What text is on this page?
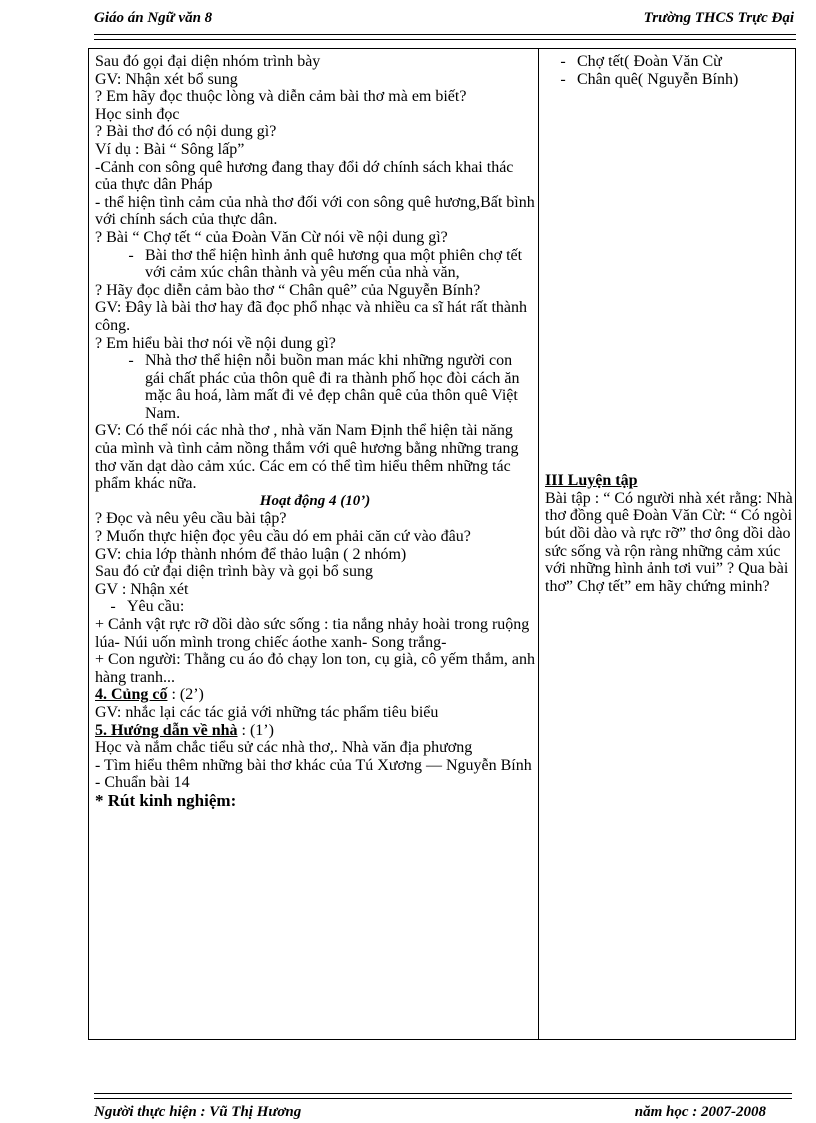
Giáo án Ngữ văn 8	Trường THCS Trực Đại

Sau đó gọi đại diện nhóm trình bày

GV: Nhận xét bổ sung

? Em hãy đọc thuộc lòng và diễn cảm bài thơ mà em biết?

Học sinh đọc

? Bài thơ đó có nội dung gì?

Ví dụ : Bài “ Sông lấp”

-Cảnh con sông quê hương đang thay đổi dớ chính sách khai thác của thực dân Pháp

- thể hiện tình cảm của nhà thơ đối với con sông quê hương,Bất bình với chính sách của thực dân.

? Bài “ Chợ tết “ của Đoàn Văn Cừ nói về nội dung gì?

- Bài thơ thể hiện hình ảnh quê hương qua một phiên chợ tết với cảm xúc chân thành và yêu mến của nhà văn,

? Hãy đọc diễn cảm bào thơ “ Chân quê” của Nguyễn Bính?

GV: Đây là bài thơ hay đã đọc phổ nhạc và nhiều ca sĩ hát rất thành công.

? Em hiểu bài thơ nói về nội dung gì?

- Nhà thơ thể hiện nỗi buồn man mác khi những người con gái chất phác của thôn quê đi ra thành phố học đòi cách ăn mặc âu hoá, làm mất đi vẻ đẹp chân quê của thôn quê Việt Nam.

GV: Có thể nói các nhà thơ , nhà văn Nam Định thể hiện tài năng của mình và tình cảm nồng thắm với quê hương bằng những trang thơ văn dạt dào cảm xúc. Các em có thể tìm hiểu thêm những tác phẩm khác nữa.

Hoạt động 4 (10’)

? Đọc và nêu yêu cầu bài tập?

? Muốn thực hiện đọc yêu cầu dó em phải căn cứ vào đâu?

GV: chia lớp thành nhóm để thảo luận ( 2 nhóm)

Sau đó cử đại diện trình bày và gọi bổ sung

GV : Nhận xét

- Yêu cầu:

+ Cảnh vật rực rỡ dồi dào sức sống : tia nắng nhảy hoài trong ruộng lúa- Núi uốn mình trong chiếc áothe xanh- Song trắng-

+ Con người: Thằng cu áo đỏ chạy lon ton, cụ già, cô yếm thắm, anh hàng tranh...

4. Củng cố : (2’)

GV: nhắc lại các tác giả với những tác phẩm tiêu biểu

5. Hướng dẫn về nhà : (1’)

Học và nắm chắc tiểu sử các nhà thơ,. Nhà văn địa phương

- Tìm hiểu thêm những bài thơ khác của Tú Xương — Nguyễn Bính

- Chuẩn bài 14

* Rút kinh nghiệm:

- Chợ tết( Đoàn Văn Cừ
- Chân quê( Nguyễn Bính)

III Luyện tập

Bài tập : “ Có người nhà xét rằng: Nhà thơ đồng quê Đoàn Văn Cừ: “ Có ngòi bút dồi dào và rực rỡ” thơ ông dồi dào sức sống và rộn ràng những cảm xúc với những hình ảnh tơi vui” ? Qua bài thơ” Chợ tết” em hãy chứng minh?

Người thực hiện : Vũ Thị Hương	năm học : 2007-2008
